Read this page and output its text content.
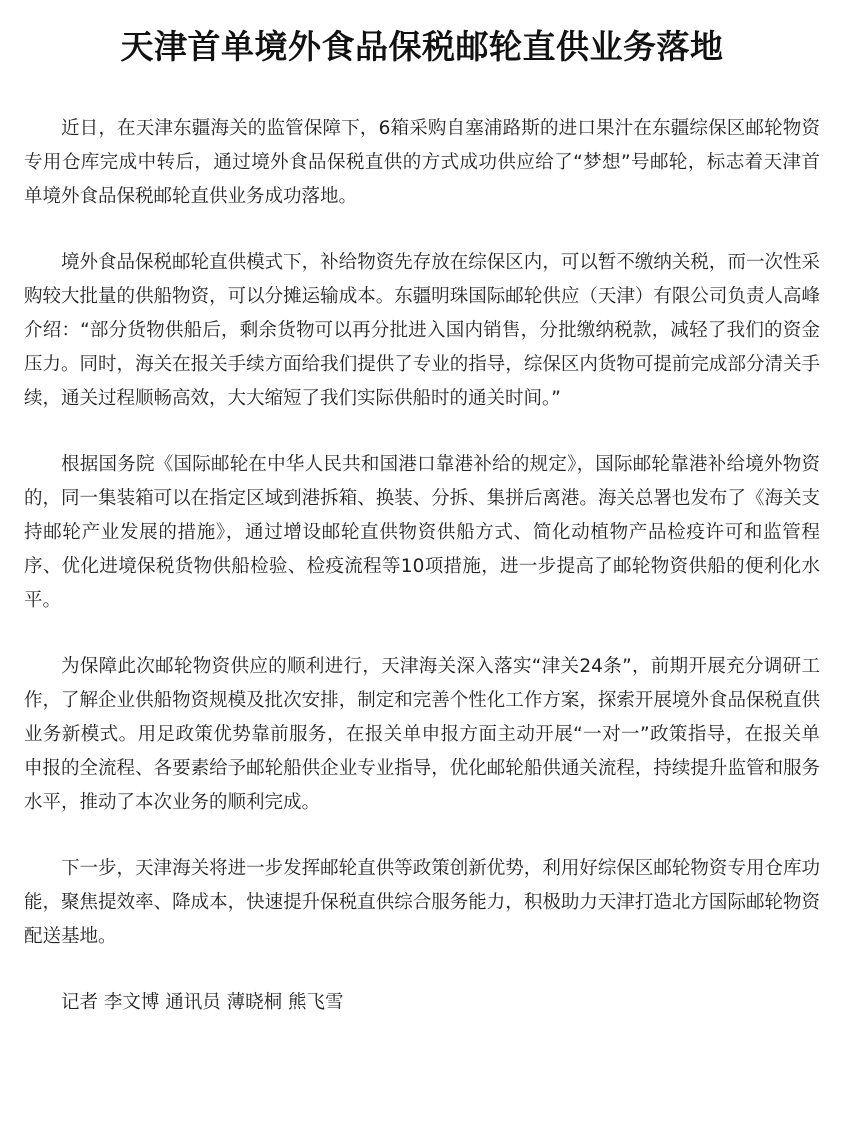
天津首单境外食品保税邮轮直供业务落地

近日，在天津东疆海关的监管保障下，6箱采购自塞浦路斯的进口果汁在东疆综保区邮轮物资专用仓库完成中转后，通过境外食品保税直供的方式成功供应给了“梦想”号邮轮，标志着天津首单境外食品保税邮轮直供业务成功落地。

境外食品保税邮轮直供模式下，补给物资先存放在综保区内，可以暂不缴纳关税，而一次性采购较大批量的供船物资，可以分摊运输成本。东疆明珠国际邮轮供应（天津）有限公司负责人高峰介绍：“部分货物供船后，剩余货物可以再分批进入国内销售，分批缴纳税款，减轻了我们的资金压力。同时，海关在报关手续方面给我们提供了专业的指导，综保区内货物可提前完成部分清关手续，通关过程顺畅高效，大大缩短了我们实际供船时的通关时间。”

根据国务院《国际邮轮在中华人民共和国港口靠港补给的规定》，国际邮轮靠港补给境外物资的，同一集装箱可以在指定区域到港拆箱、换装、分拆、集拼后离港。海关总署也发布了《海关支持邮轮产业发展的措施》，通过增设邮轮直供物资供船方式、简化动植物产品检疫许可和监管程序、优化进境保税货物供船检验、检疫流程等10项措施，进一步提高了邮轮物资供船的便利化水平。

为保障此次邮轮物资供应的顺利进行，天津海关深入落实“津关24条”，前期开展充分调研工作，了解企业供船物资规模及批次安排，制定和完善个性化工作方案，探索开展境外食品保税直供业务新模式。用足政策优势靠前服务，在报关单申报方面主动开展“一对一”政策指导，在报关单申报的全流程、各要素给予邮轮船供企业专业指导，优化邮轮船供通关流程，持续提升监管和服务水平，推动了本次业务的顺利完成。

下一步，天津海关将进一步发挥邮轮直供等政策创新优势，利用好综保区邮轮物资专用仓库功能，聚焦提效率、降成本，快速提升保税直供综合服务能力，积极助力天津打造北方国际邮轮物资配送基地。

记者 李文博 通讯员 薄晓桐 熊飞雪
